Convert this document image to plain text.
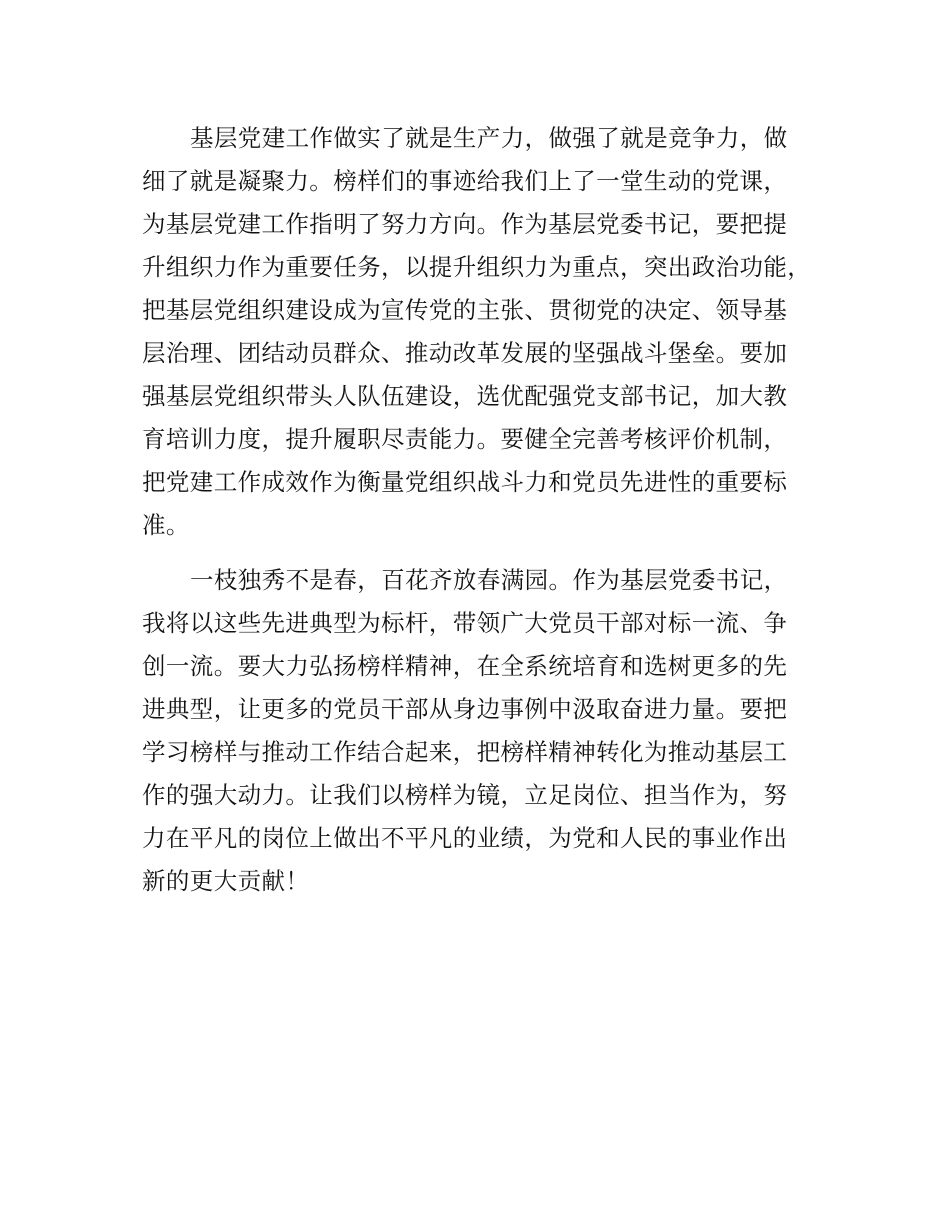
基层党建工作做实了就是生产力，做强了就是竞争力，做
细了就是凝聚力。榜样们的事迹给我们上了一堂生动的党课，
为基层党建工作指明了努力方向。作为基层党委书记，要把提
升组织力作为重要任务，以提升组织力为重点，突出政治功能，
把基层党组织建设成为宣传党的主张、贯彻党的决定、领导基
层治理、团结动员群众、推动改革发展的坚强战斗堡垒。要加
强基层党组织带头人队伍建设，选优配强党支部书记，加大教
育培训力度，提升履职尽责能力。要健全完善考核评价机制，
把党建工作成效作为衡量党组织战斗力和党员先进性的重要标
准。
一枝独秀不是春，百花齐放春满园。作为基层党委书记，
我将以这些先进典型为标杆，带领广大党员干部对标一流、争
创一流。要大力弘扬榜样精神，在全系统培育和选树更多的先
进典型，让更多的党员干部从身边事例中汲取奋进力量。要把
学习榜样与推动工作结合起来，把榜样精神转化为推动基层工
作的强大动力。让我们以榜样为镜，立足岗位、担当作为，努
力在平凡的岗位上做出不平凡的业绩，为党和人民的事业作出
新的更大贡献！
